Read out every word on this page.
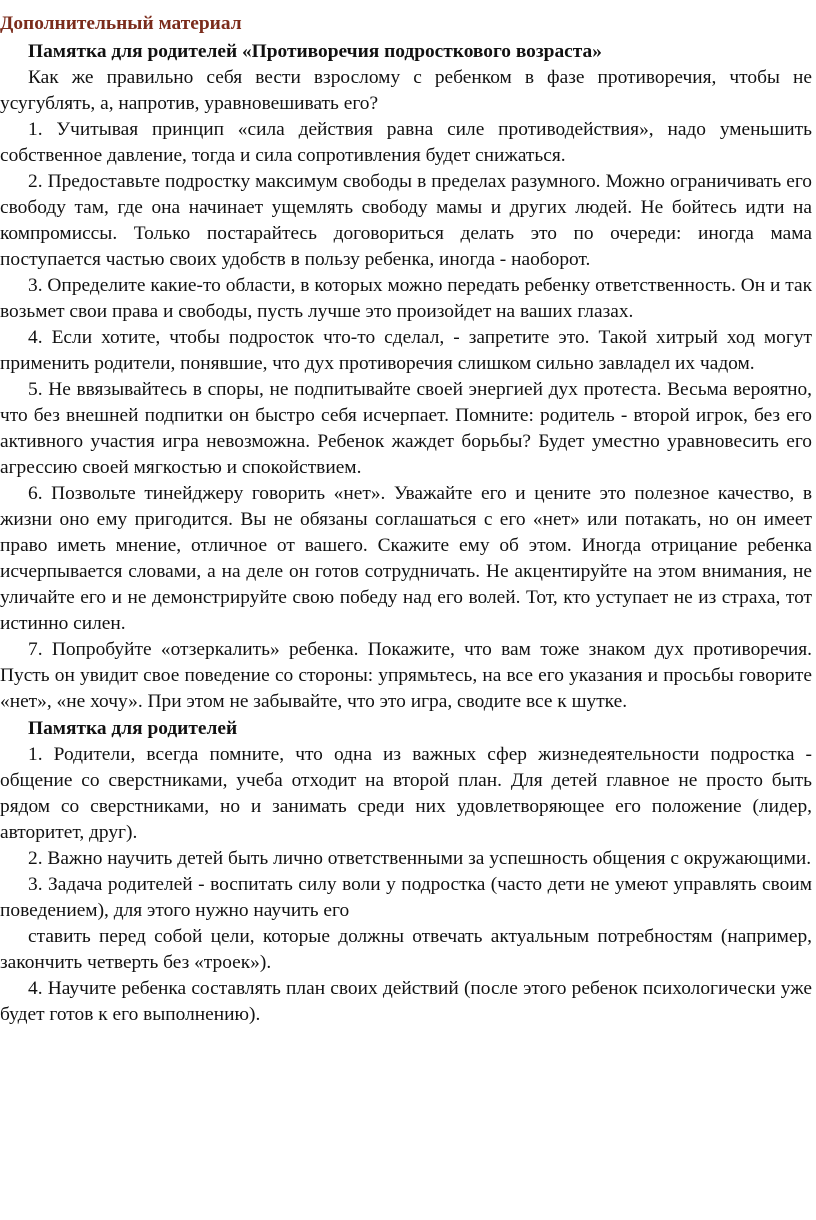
Дополнительный материал

Памятка для родителей «Противоречия подросткового возраста»

Как же правильно себя вести взрослому с ребенком в фазе противоречия, чтобы не усугублять, а, напротив, уравновешивать его?

1. Учитывая принцип «сила действия равна силе противодействия», надо уменьшить собственное давление, тогда и сила сопротивления будет снижаться.

2. Предоставьте подростку максимум свободы в пределах разумного. Можно ограничивать его свободу там, где она начинает ущемлять свободу мамы и других людей. Не бойтесь идти на компромиссы. Только постарайтесь договориться делать это по очереди: иногда мама поступается частью своих удобств в пользу ребенка, иногда - наоборот.

3. Определите какие-то области, в которых можно передать ребенку ответственность. Он и так возьмет свои права и свободы, пусть лучше это произойдет на ваших глазах.

4. Если хотите, чтобы подросток что-то сделал, - запретите это. Такой хитрый ход могут применить родители, понявшие, что дух противоречия слишком сильно завладел их чадом.

5. Не ввязывайтесь в споры, не подпитывайте своей энергией дух протеста. Весьма вероятно, что без внешней подпитки он быстро себя исчерпает. Помните: родитель - второй игрок, без его активного участия игра невозможна. Ребенок жаждет борьбы? Будет уместно уравновесить его агрессию своей мягкостью и спокойствием.

6. Позвольте тинейджеру говорить «нет». Уважайте его и цените это полезное качество, в жизни оно ему пригодится. Вы не обязаны соглашаться с его «нет» или потакать, но он имеет право иметь мнение, отличное от вашего. Скажите ему об этом. Иногда отрицание ребенка исчерпывается словами, а на деле он готов сотрудничать. Не акцентируйте на этом внимания, не уличайте его и не демонстрируйте свою победу над его волей. Тот, кто уступает не из страха, тот истинно силен.

7. Попробуйте «отзеркалить» ребенка. Покажите, что вам тоже знаком дух противоречия. Пусть он увидит свое поведение со стороны: упрямьтесь, на все его указания и просьбы говорите «нет», «не хочу». При этом не забывайте, что это игра, сводите все к шутке.

Памятка для родителей

1. Родители, всегда помните, что одна из важных сфер жизнедеятельности подростка - общение со сверстниками, учеба отходит на второй план. Для детей главное не просто быть рядом со сверстниками, но и занимать среди них удовлетворяющее его положение (лидер, авторитет, друг).

2. Важно научить детей быть лично ответственными за успешность общения с окружающими.

3. Задача родителей - воспитать силу воли у подростка (часто дети не умеют управлять своим поведением), для этого нужно научить его

ставить перед собой цели, которые должны отвечать актуальным потребностям (например, закончить четверть без «троек»).

4. Научите ребенка составлять план своих действий (после этого ребенок психологически уже будет готов к его выполнению).
